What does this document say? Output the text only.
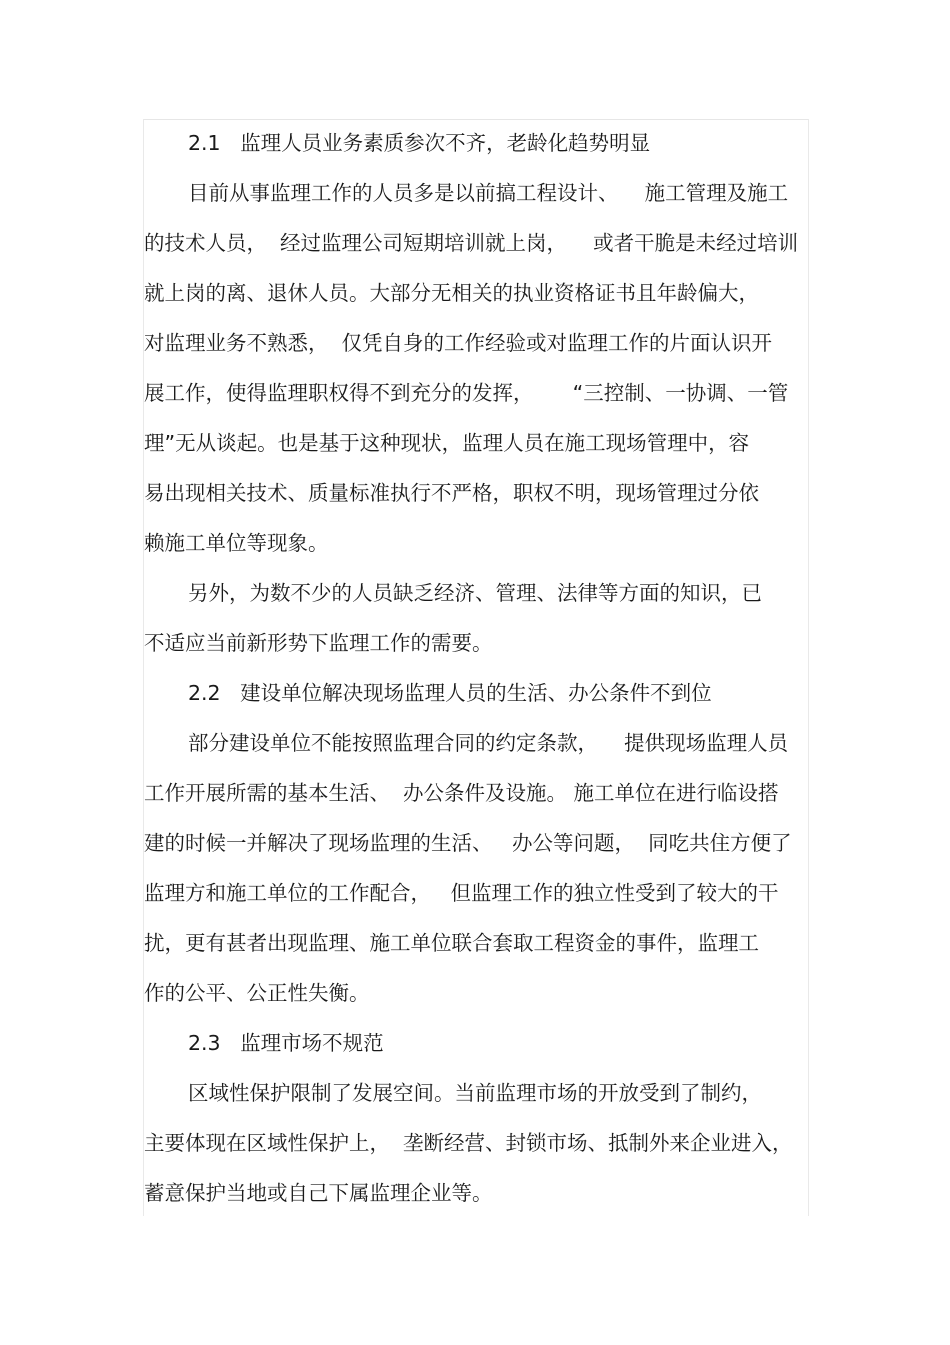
2.1   监理人员业务素质参次不齐，老龄化趋势明显
目前从事监理工作的人员多是以前搞工程设计、    施工管理及施工
的技术人员，  经过监理公司短期培训就上岗，    或者干脆是未经过培训
就上岗的离、退休人员。大部分无相关的执业资格证书且年龄偏大，
对监理业务不熟悉，  仅凭自身的工作经验或对监理工作的片面认识开
展工作，使得监理职权得不到充分的发挥，      “三控制、一协调、一管
理”无从谈起。也是基于这种现状，监理人员在施工现场管理中，容
易出现相关技术、质量标准执行不严格，职权不明，现场管理过分依
赖施工单位等现象。
另外，为数不少的人员缺乏经济、管理、法律等方面的知识，已
不适应当前新形势下监理工作的需要。
2.2   建设单位解决现场监理人员的生活、办公条件不到位
部分建设单位不能按照监理合同的约定条款，    提供现场监理人员
工作开展所需的基本生活、  办公条件及设施。 施工单位在进行临设搭
建的时候一并解决了现场监理的生活、   办公等问题，  同吃共住方便了
监理方和施工单位的工作配合，   但监理工作的独立性受到了较大的干
扰，更有甚者出现监理、施工单位联合套取工程资金的事件，监理工
作的公平、公正性失衡。
2.3   监理市场不规范
区域性保护限制了发展空间。当前监理市场的开放受到了制约，
主要体现在区域性保护上，  垄断经营、封锁市场、抵制外来企业进入，
蓄意保护当地或自己下属监理企业等。
